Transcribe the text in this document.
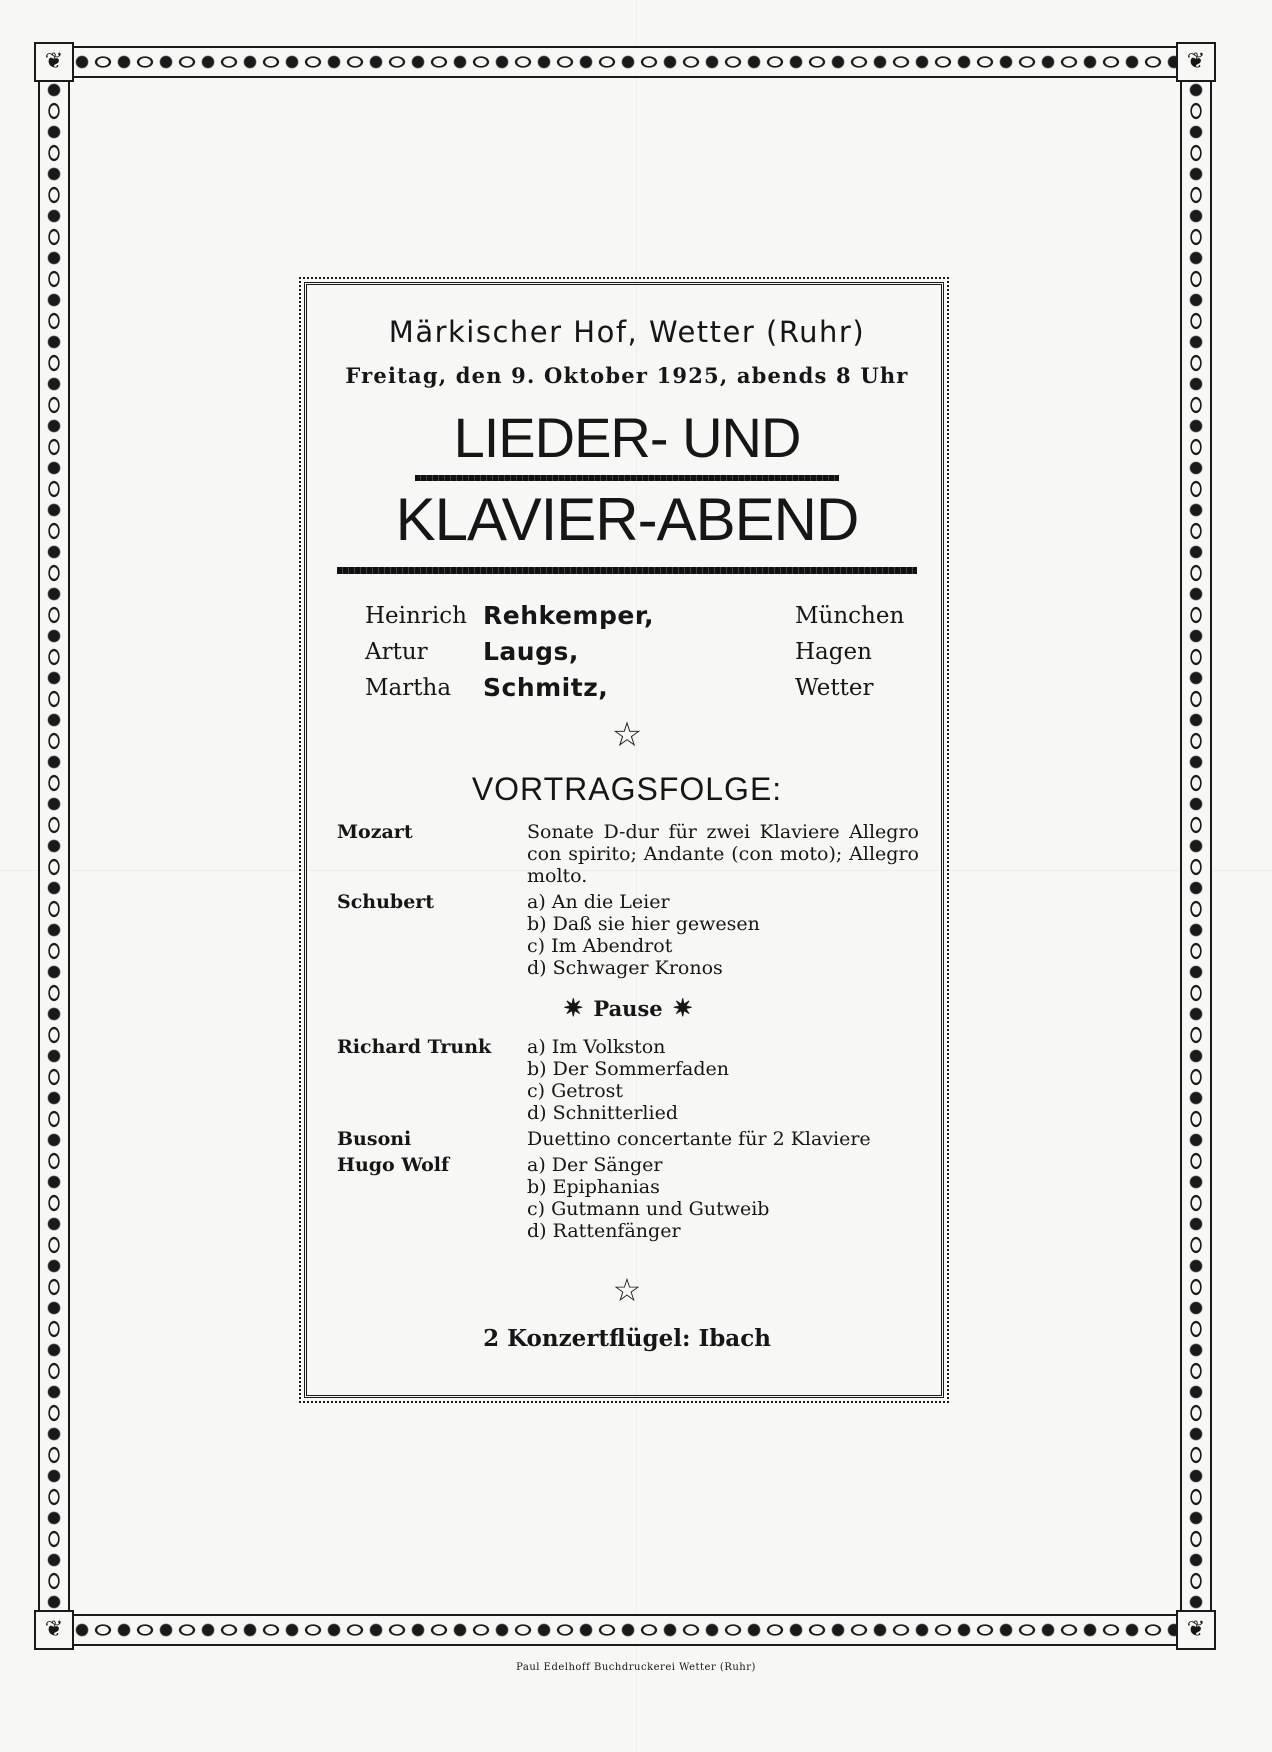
❦	❦
❦	❦
Märkischer Hof, Wetter (Ruhr)
Freitag, den 9. Oktober 1925, abends 8 Uhr
LIEDER- UND
KLAVIER-ABEND
Heinrich Rehkemper,	München
Artur Laugs,	Hagen
Martha Schmitz,	Wetter
☆
VORTRAGSFOLGE:
Mozart	Sonate D-dur für zwei Klaviere Allegro con spirito; Andante (con moto); Allegro molto.
Schubert	a) An die Leier
b) Daß sie hier gewesen
c) Im Abendrot
d) Schwager Kronos
✷ Pause ✷
Richard Trunk	a) Im Volkston
b) Der Sommerfaden
c) Getrost
d) Schnitterlied
Busoni	Duettino concertante für 2 Klaviere
Hugo Wolf	a) Der Sänger
b) Epiphanias
c) Gutmann und Gutweib
d) Rattenfänger
☆
2 Konzertflügel: Ibach
Paul Edelhoff Buchdruckerei Wetter (Ruhr)
